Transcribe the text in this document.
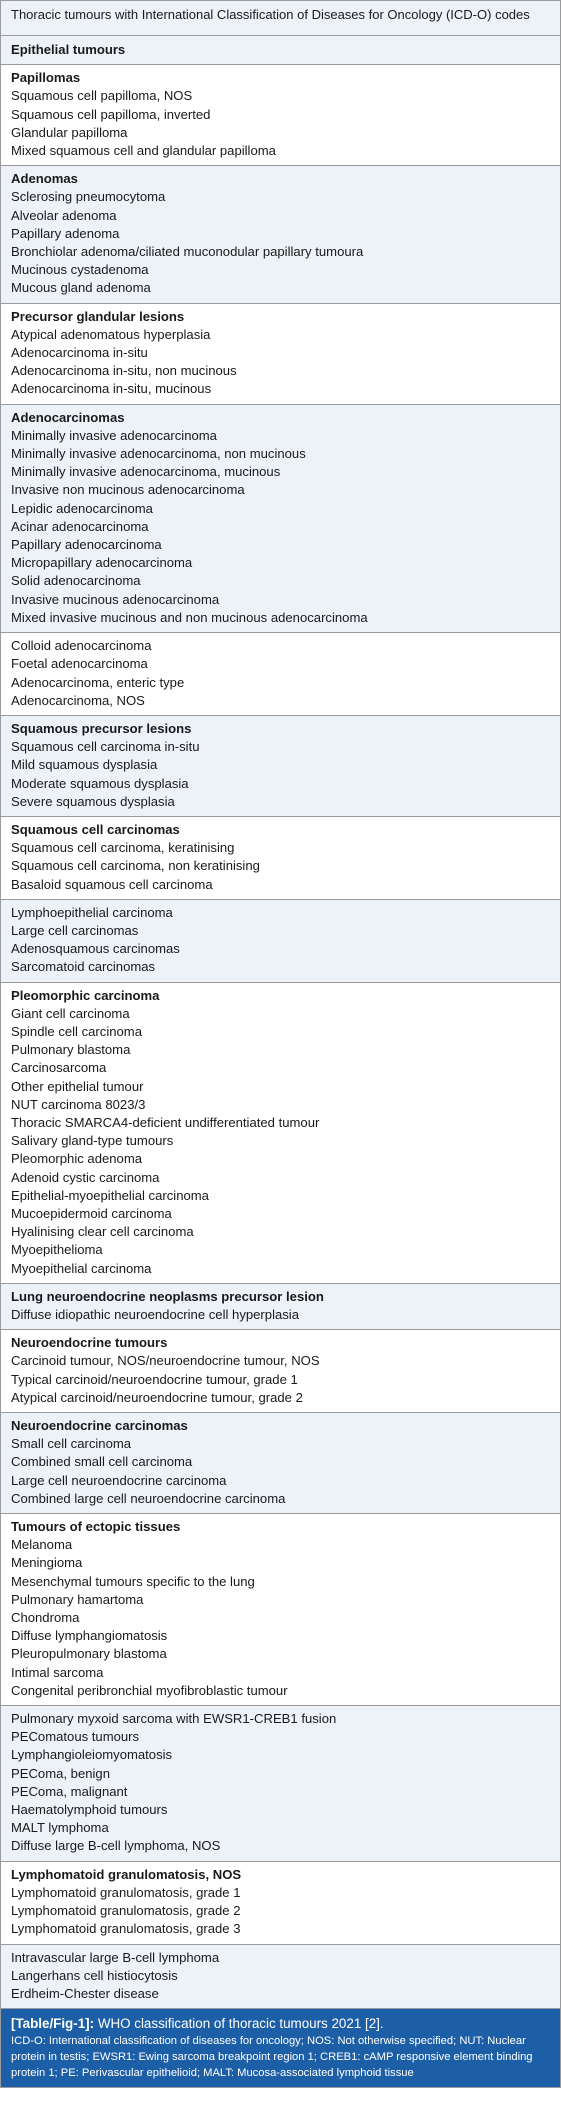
Thoracic tumours with International Classification of Diseases for Oncology (ICD-O) codes
Epithelial tumours
Papillomas
Squamous cell papilloma, NOS
Squamous cell papilloma, inverted
Glandular papilloma
Mixed squamous cell and glandular papilloma
Adenomas
Sclerosing pneumocytoma
Alveolar adenoma
Papillary adenoma
Bronchiolar adenoma/ciliated muconodular papillary tumoura
Mucinous cystadenoma
Mucous gland adenoma
Precursor glandular lesions
Atypical adenomatous hyperplasia
Adenocarcinoma in-situ
Adenocarcinoma in-situ, non mucinous
Adenocarcinoma in-situ, mucinous
Adenocarcinomas
Minimally invasive adenocarcinoma
Minimally invasive adenocarcinoma, non mucinous
Minimally invasive adenocarcinoma, mucinous
Invasive non mucinous adenocarcinoma
Lepidic adenocarcinoma
Acinar adenocarcinoma
Papillary adenocarcinoma
Micropapillary adenocarcinoma
Solid adenocarcinoma
Invasive mucinous adenocarcinoma
Mixed invasive mucinous and non mucinous adenocarcinoma
Colloid adenocarcinoma
Foetal adenocarcinoma
Adenocarcinoma, enteric type
Adenocarcinoma, NOS
Squamous precursor lesions
Squamous cell carcinoma in-situ
Mild squamous dysplasia
Moderate squamous dysplasia
Severe squamous dysplasia
Squamous cell carcinomas
Squamous cell carcinoma, keratinising
Squamous cell carcinoma, non keratinising
Basaloid squamous cell carcinoma
Lymphoepithelial carcinoma
Large cell carcinomas
Adenosquamous carcinomas
Sarcomatoid carcinomas
Pleomorphic carcinoma
Giant cell carcinoma
Spindle cell carcinoma
Pulmonary blastoma
Carcinosarcoma
Other epithelial tumour
NUT carcinoma 8023/3
Thoracic SMARCA4-deficient undifferentiated tumour
Salivary gland-type tumours
Pleomorphic adenoma
Adenoid cystic carcinoma
Epithelial-myoepithelial carcinoma
Mucoepidermoid carcinoma
Hyalinising clear cell carcinoma
Myoepithelioma
Myoepithelial carcinoma
Lung neuroendocrine neoplasms precursor lesion
Diffuse idiopathic neuroendocrine cell hyperplasia
Neuroendocrine tumours
Carcinoid tumour, NOS/neuroendocrine tumour, NOS
Typical carcinoid/neuroendocrine tumour, grade 1
Atypical carcinoid/neuroendocrine tumour, grade 2
Neuroendocrine carcinomas
Small cell carcinoma
Combined small cell carcinoma
Large cell neuroendocrine carcinoma
Combined large cell neuroendocrine carcinoma
Tumours of ectopic tissues
Melanoma
Meningioma
Mesenchymal tumours specific to the lung
Pulmonary hamartoma
Chondroma
Diffuse lymphangiomatosis
Pleuropulmonary blastoma
Intimal sarcoma
Congenital peribronchial myofibroblastic tumour
Pulmonary myxoid sarcoma with EWSR1-CREB1 fusion
PEComatous tumours
Lymphangioleiomyomatosis
PEComa, benign
PEComa, malignant
Haematolymphoid tumours
MALT lymphoma
Diffuse large B-cell lymphoma, NOS
Lymphomatoid granulomatosis, NOS
Lymphomatoid granulomatosis, grade 1
Lymphomatoid granulomatosis, grade 2
Lymphomatoid granulomatosis, grade 3
Intravascular large B-cell lymphoma
Langerhans cell histiocytosis
Erdheim-Chester disease
[Table/Fig-1]: WHO classification of thoracic tumours 2021 [2].
ICD-O: International classification of diseases for oncology; NOS: Not otherwise specified; NUT: Nuclear protein in testis; EWSR1: Ewing sarcoma breakpoint region 1; CREB1: cAMP responsive element binding protein 1; PE: Perivascular epithelioid; MALT: Mucosa-associated lymphoid tissue
